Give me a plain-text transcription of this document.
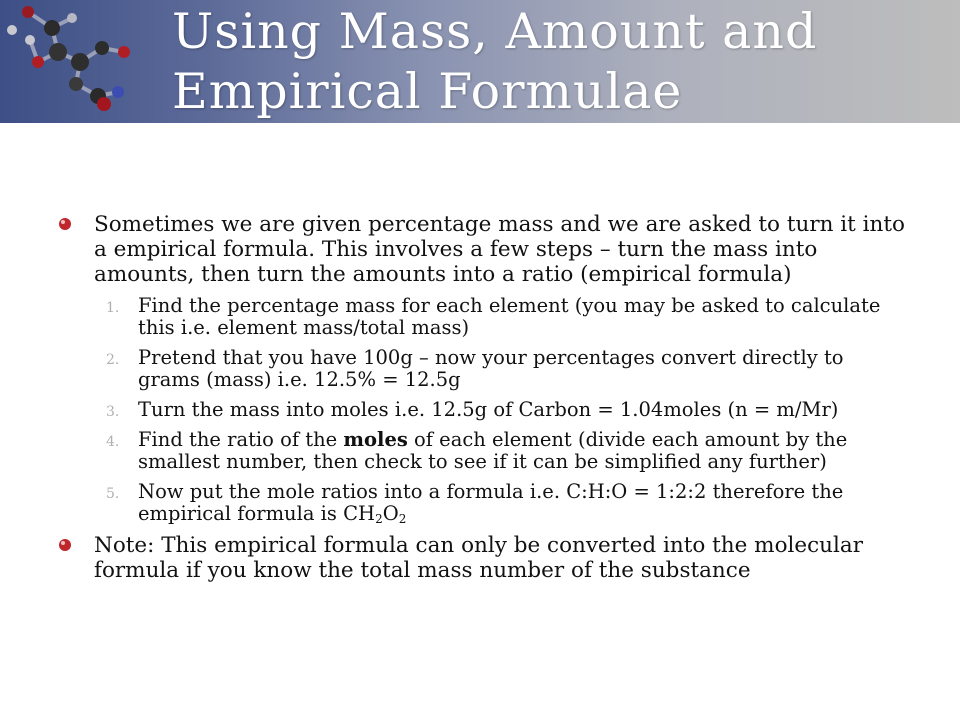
Using Mass, Amount and Empirical Formulae
Sometimes we are given percentage mass and we are asked to turn it into a empirical formula. This involves a few steps – turn the mass into amounts, then turn the amounts into a ratio (empirical formula)
1. Find the percentage mass for each element (you may be asked to calculate this i.e. element mass/total mass)
2. Pretend that you have 100g – now your percentages convert directly to grams (mass) i.e. 12.5% = 12.5g
3. Turn the mass into moles i.e. 12.5g of Carbon = 1.04moles (n = m/Mr)
4. Find the ratio of the moles of each element (divide each amount by the smallest number, then check to see if it can be simplified any further)
5. Now put the mole ratios into a formula i.e. C:H:O = 1:2:2 therefore the empirical formula is $CH_2O_2$
Note: This empirical formula can only be converted into the molecular formula if you know the total mass number of the substance
